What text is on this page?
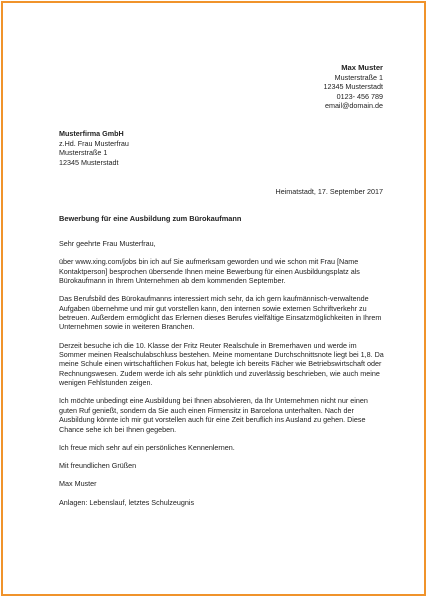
Max Muster
Musterstraße 1
12345 Musterstadt
0123- 456 789
email@domain.de
Musterfirma GmbH
z.Hd. Frau Musterfrau
Musterstraße 1
12345 Musterstadt
Heimatstadt, 17. September 2017
Bewerbung für eine Ausbildung zum Bürokaufmann

Sehr geehrte Frau Musterfrau,

über www.xing.com/jobs bin ich auf Sie aufmerksam geworden und wie schon mit Frau [Name Kontaktperson] besprochen übersende Ihnen meine Bewerbung für einen Ausbildungsplatz als Bürokaufmann in Ihrem Unternehmen ab dem kommenden September.

Das Berufsbild des Bürokaufmanns interessiert mich sehr, da ich gern kaufmännisch-verwaltende Aufgaben übernehme und mir gut vorstellen kann, den internen sowie externen Schriftverkehr zu betreuen. Außerdem ermöglicht das Erlernen dieses Berufes vielfältige Einsatzmöglichkeiten in Ihrem Unternehmen sowie in weiteren Branchen.

Derzeit besuche ich die 10. Klasse der Fritz Reuter Realschule in Bremerhaven und werde im Sommer meinen Realschulabschluss bestehen. Meine momentane Durchschnittsnote liegt bei 1,8. Da meine Schule einen wirtschaftlichen Fokus hat, belegte ich bereits Fächer wie Betriebswirtschaft oder Rechnungswesen. Zudem werde ich als sehr pünktlich und zuverlässig beschrieben, wie auch meine wenigen Fehlstunden zeigen.

Ich möchte unbedingt eine Ausbildung bei Ihnen absolvieren, da Ihr Unternehmen nicht nur einen guten Ruf genießt, sondern da Sie auch einen Firmensitz in Barcelona unterhalten. Nach der Ausbildung könnte ich mir gut vorstellen auch für eine Zeit beruflich ins Ausland zu gehen. Diese Chance sehe ich bei Ihnen gegeben.

Ich freue mich sehr auf ein persönliches Kennenlernen.

Mit freundlichen Grüßen

Max Muster

Anlagen: Lebenslauf, letztes Schulzeugnis
